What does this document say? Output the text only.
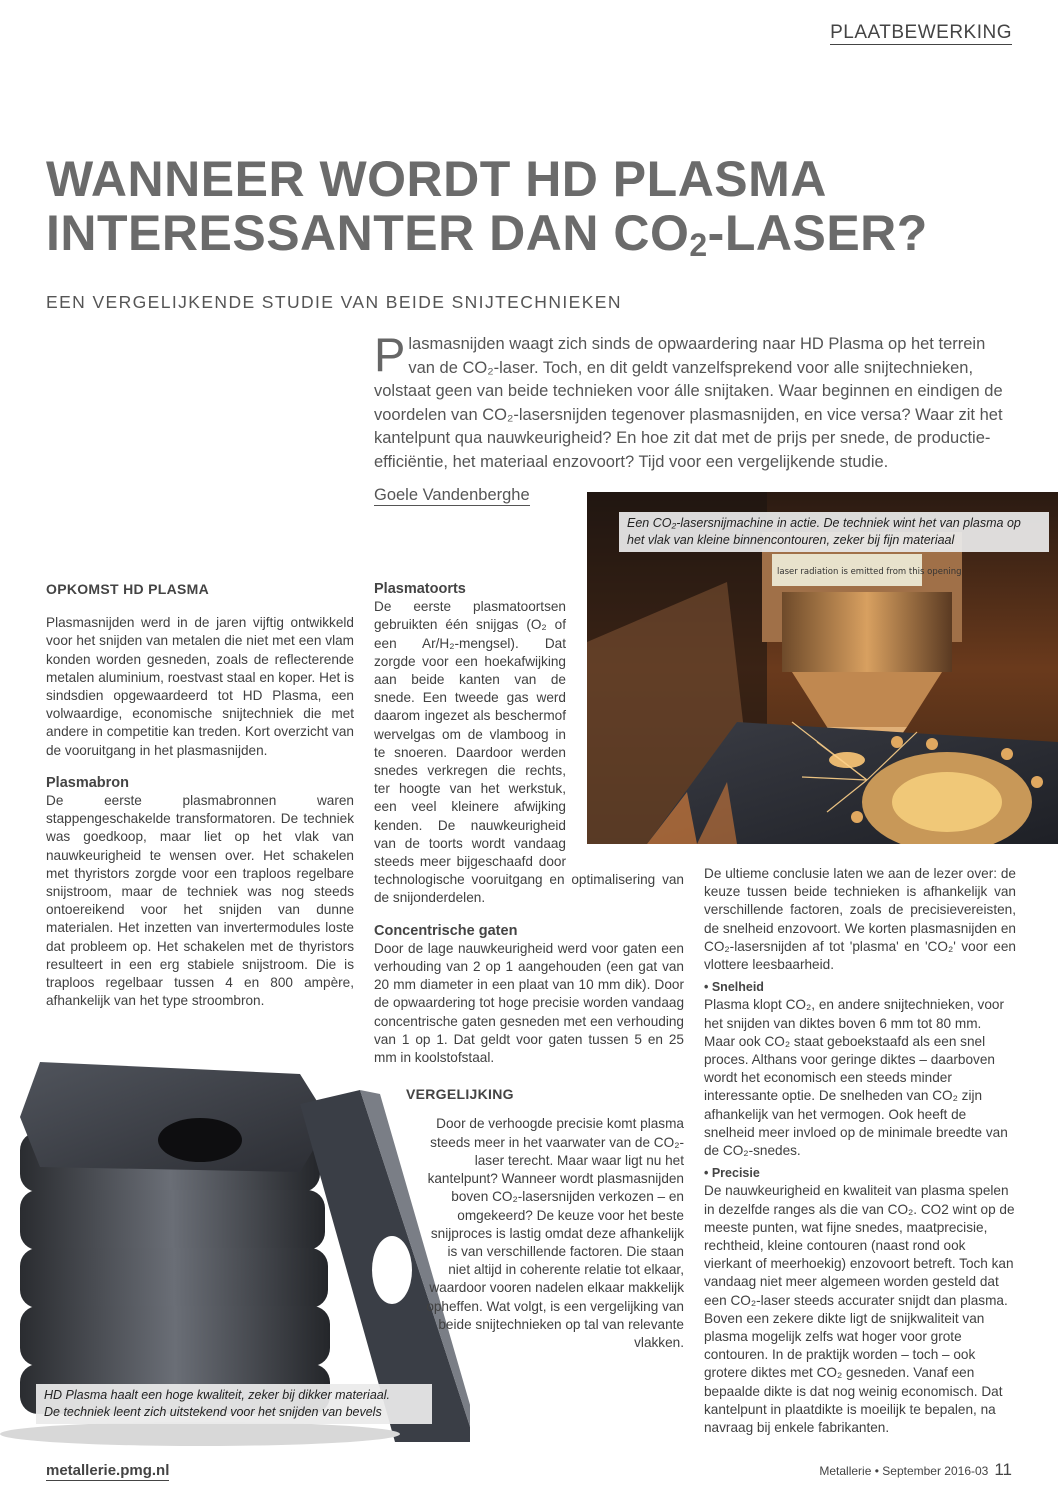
PLAATBEWERKING
WANNEER WORDT HD PLASMA
INTERESSANTER DAN $CO_2$-LASER?
EEN VERGELIJKENDE STUDIE VAN BEIDE SNIJTECHNIEKEN

Plasmasnijden waagt zich sinds de opwaardering naar HD Plasma op het terrein van de CO₂-laser. Toch, en dit geldt vanzelfsprekend voor alle snijtechnieken, volstaat geen van beide technieken voor álle snijtaken. Waar beginnen en eindigen de voordelen van CO₂-lasersnijden tegenover plasmasnijden, en vice versa? Waar zit het kantelpunt qua nauwkeurigheid? En hoe zit dat met de prijs per snede, de productie-efficiëntie, het materiaal enzovoort? Tijd voor een vergelijkende studie.

Goele Vandenberghe
laser radiation is emitted from this opening
Een CO₂-lasersnijmachine in actie. De techniek wint het van plasma op het vlak van kleine binnencontouren, zeker bij fijn materiaal
HD Plasma haalt een hoge kwaliteit, zeker bij dikker materiaal.
De techniek leent zich uitstekend voor het snijden van bevels

OPKOMST HD PLASMA

Plasmasnijden werd in de jaren vijftig ontwikkeld voor het snijden van metalen die niet met een vlam konden worden gesneden, zoals de reflecterende metalen aluminium, roestvast staal en koper. Het is sindsdien opgewaardeerd tot HD Plasma, een volwaardige, economische snijtechniek die met andere in competitie kan treden. Kort overzicht van de vooruitgang in het plasmasnijden.

Plasmabron

De eerste plasmabronnen waren stappengeschakelde transformatoren. De techniek was goedkoop, maar liet op het vlak van nauwkeurigheid te wensen over. Het schakelen met thyristors zorgde voor een traploos regelbare snijstroom, maar de techniek was nog steeds ontoereikend voor het snijden van dunne materialen. Het inzetten van invertermodules loste dat probleem op. Het schakelen met de thyristors resulteert in een erg stabiele snijstroom. Die is traploos regelbaar tussen 4 en 800 ampère, afhankelijk van het type stroombron.

Plasmatoorts

De eerste plasmatoortsen gebruikten één snijgas (O₂ of een Ar/H₂-mengsel). Dat zorgde voor een hoekafwijking aan beide kanten van de snede. Een tweede gas werd daarom ingezet als beschermof wervelgas om de vlamboog in te snoeren. Daardoor werden snedes verkregen die rechts, ter hoogte van het werkstuk, een veel kleinere afwijking kenden. De nauwkeurigheid van de toorts wordt vandaag steeds meer bijgeschaafd door technologische vooruitgang en optimalisering van de snijonderdelen.

Concentrische gaten

Door de lage nauwkeurigheid werd voor gaten een verhouding van 2 op 1 aangehouden (een gat van 20 mm diameter in een plaat van 10 mm dik). Door de opwaardering tot hoge precisie worden vandaag concentrische gaten gesneden met een verhouding van 1 op 1. Dat geldt voor gaten tussen 5 en 25 mm in koolstofstaal.

VERGELIJKING

Door de verhoogde precisie komt plasma steeds meer in het vaarwater van de CO₂-laser terecht. Maar waar ligt nu het kantelpunt? Wanneer wordt plasmasnijden boven CO₂-lasersnijden verkozen – en omgekeerd? De keuze voor het beste snijproces is lastig omdat deze afhankelijk is van verschillende factoren. Die staan niet altijd in coherente relatie tot elkaar, waardoor vooren nadelen elkaar makkelijk opheffen. Wat volgt, is een vergelijking van beide snijtechnieken op tal van relevante vlakken.

De ultieme conclusie laten we aan de lezer over: de keuze tussen beide technieken is afhankelijk van verschillende factoren, zoals de precisievereisten, de snelheid enzovoort. We korten plasmasnijden en CO₂-lasersnijden af tot 'plasma' en 'CO₂' voor een vlottere leesbaarheid.

• Snelheid

Plasma klopt CO₂, en andere snijtechnieken, voor het snijden van diktes boven 6 mm tot 80 mm. Maar ook CO₂ staat geboekstaafd als een snel proces. Althans voor geringe diktes – daarboven wordt het economisch een steeds minder interessante optie. De snelheden van CO₂ zijn afhankelijk van het vermogen. Ook heeft de snelheid meer invloed op de minimale breedte van de CO₂-snedes.

• Precisie

De nauwkeurigheid en kwaliteit van plasma spelen in dezelfde ranges als die van CO₂. CO2 wint op de meeste punten, wat fijne snedes, maatprecisie, rechtheid, kleine contouren (naast rond ook vierkant of meerhoekig) enzovoort betreft. Toch kan vandaag niet meer algemeen worden gesteld dat een CO₂-laser steeds accurater snijdt dan plasma. Boven een zekere dikte ligt de snijkwaliteit van plasma mogelijk zelfs wat hoger voor grote contouren. In de praktijk worden – toch – ook grotere diktes met CO₂ gesneden. Vanaf een bepaalde dikte is dat nog weinig economisch. Dat kantelpunt in plaatdikte is moeilijk te bepalen, na navraag bij enkele fabrikanten.

metallerie.pmg.nl	Metallerie • September 2016-03 11
